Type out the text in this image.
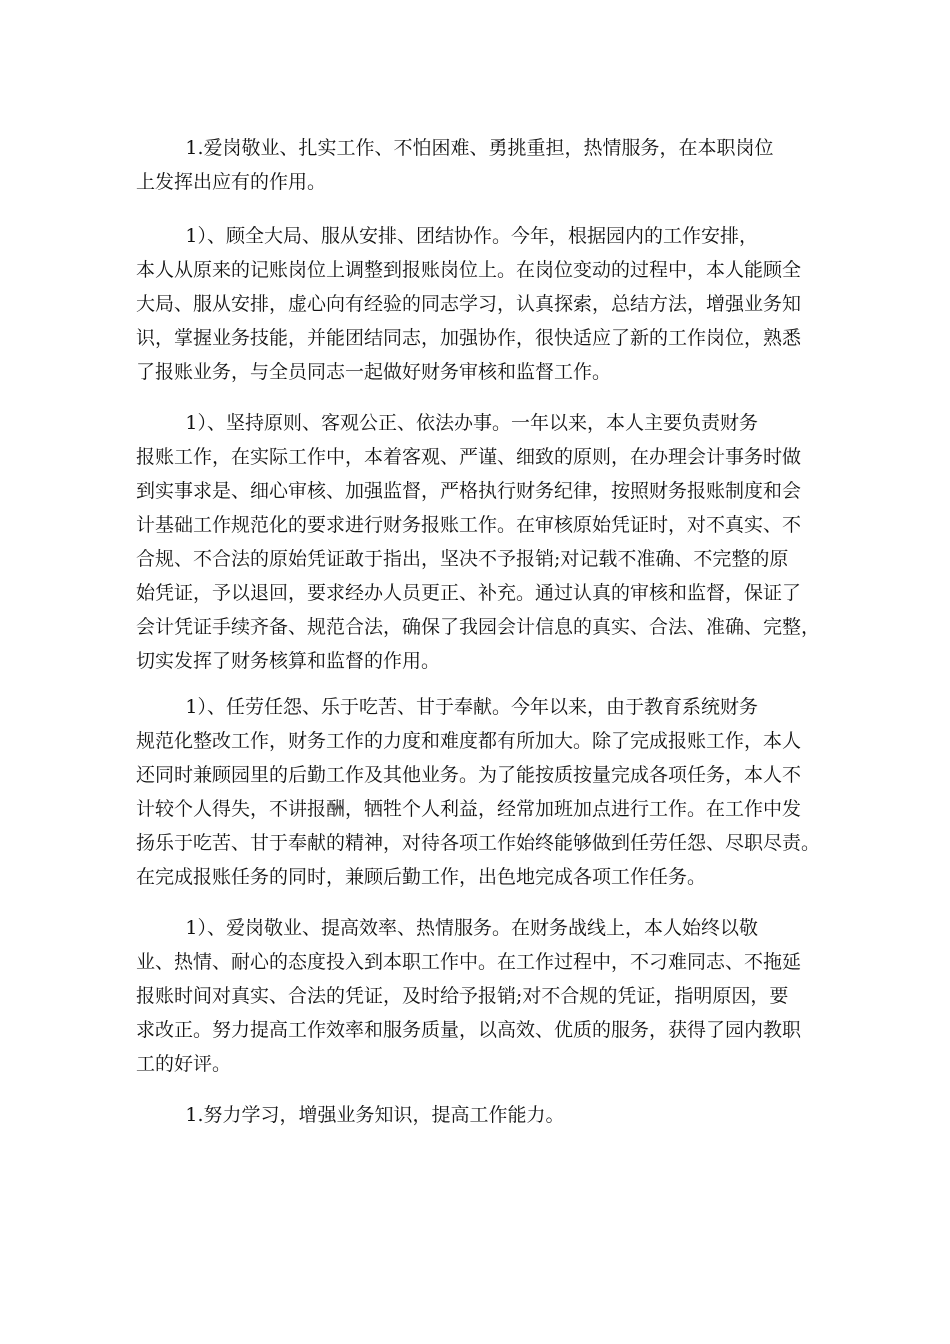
1.爱岗敬业、扎实工作、不怕困难、勇挑重担，热情服务，在本职岗位
上发挥出应有的作用。
1）、顾全大局、服从安排、团结协作。今年，根据园内的工作安排，
本人从原来的记账岗位上调整到报账岗位上。在岗位变动的过程中，本人能顾全
大局、服从安排，虚心向有经验的同志学习，认真探索，总结方法，增强业务知
识，掌握业务技能，并能团结同志，加强协作，很快适应了新的工作岗位，熟悉
了报账业务，与全员同志一起做好财务审核和监督工作。
1）、坚持原则、客观公正、依法办事。一年以来，本人主要负责财务
报账工作，在实际工作中，本着客观、严谨、细致的原则，在办理会计事务时做
到实事求是、细心审核、加强监督，严格执行财务纪律，按照财务报账制度和会
计基础工作规范化的要求进行财务报账工作。在审核原始凭证时，对不真实、不
合规、不合法的原始凭证敢于指出，坚决不予报销;对记载不准确、不完整的原
始凭证，予以退回，要求经办人员更正、补充。通过认真的审核和监督，保证了
会计凭证手续齐备、规范合法，确保了我园会计信息的真实、合法、准确、完整，
切实发挥了财务核算和监督的作用。
1）、任劳任怨、乐于吃苦、甘于奉献。今年以来，由于教育系统财务
规范化整改工作，财务工作的力度和难度都有所加大。除了完成报账工作，本人
还同时兼顾园里的后勤工作及其他业务。为了能按质按量完成各项任务，本人不
计较个人得失，不讲报酬，牺牲个人利益，经常加班加点进行工作。在工作中发
扬乐于吃苦、甘于奉献的精神，对待各项工作始终能够做到任劳任怨、尽职尽责。
在完成报账任务的同时，兼顾后勤工作，出色地完成各项工作任务。
1）、爱岗敬业、提高效率、热情服务。在财务战线上，本人始终以敬
业、热情、耐心的态度投入到本职工作中。在工作过程中，不刁难同志、不拖延
报账时间对真实、合法的凭证，及时给予报销;对不合规的凭证，指明原因，要
求改正。努力提高工作效率和服务质量，以高效、优质的服务，获得了园内教职
工的好评。
1.努力学习，增强业务知识，提高工作能力。
